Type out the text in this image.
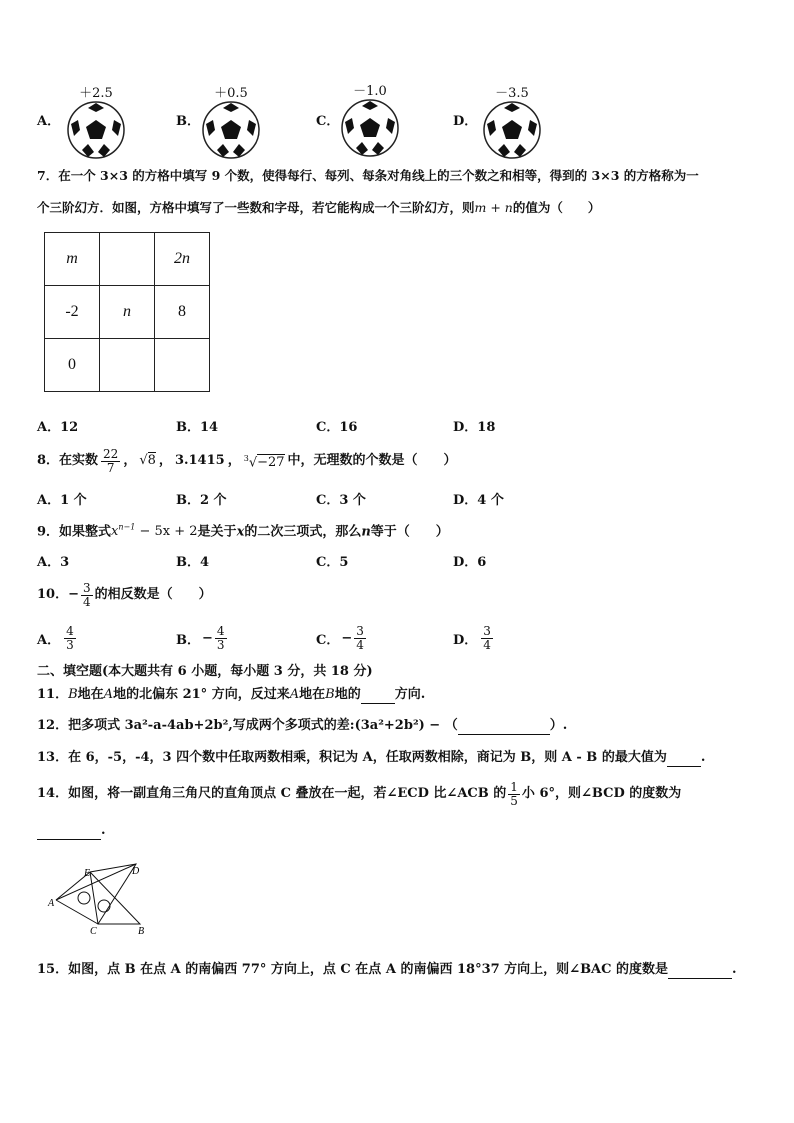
A．
＋2.5
B．
＋0.5
C．
－1.0
D．
－3.5
7．在一个 3×3 的方格中填写 9 个数，使得每行、每列、每条对角线上的三个数之和相等，得到的 3×3 的方格称为一
个三阶幻方．如图，方格中填写了一些数和字母，若它能构成一个三阶幻方，则m + n的值为（　　）
m		2n
-2	n	8
0		
A．12	B．14	C．16	D．18
8．在实数 $\frac{22}{7}$ ， √8 ， 3.1415 ， $^3$√−27 中，无理数的个数是（　　）
A．1 个	B．2 个	C．3 个	D．4 个
9．如果整式$x^{n-1} - 5x + 2$是关于x的二次三项式，那么n等于（　　）
A．3	B．4	C．5	D．6
10．− $\frac{3}{4}$ 的相反数是（　　）
A． $\frac{4}{3}$	B． − $\frac{4}{3}$	C． − $\frac{3}{4}$	D． $\frac{3}{4}$
二、填空题(本大题共有 6 小题，每小题 3 分，共 18 分)
11．B地在A地的北偏东 21° 方向，反过来A地在B地的	方向.
12．把多项式 3a²-a-4ab+2b²,写成两个多项式的差:(3a²+2b²) − （	）.
13．在 6，-5，-4，3 四个数中任取两数相乘，积记为 A，任取两数相除，商记为 B，则 A - B 的最大值为	.
14．如图，将一副直角三角尺的直角顶点 C 叠放在一起，若∠ECD 比∠ACB 的 $\frac{1}{5}$ 小 6°，则∠BCD 的度数为
.
A
E	D
C	B
15．如图，点 B 在点 A 的南偏西 77° 方向上，点 C 在点 A 的南偏西 18°37 方向上，则∠BAC 的度数是	.
